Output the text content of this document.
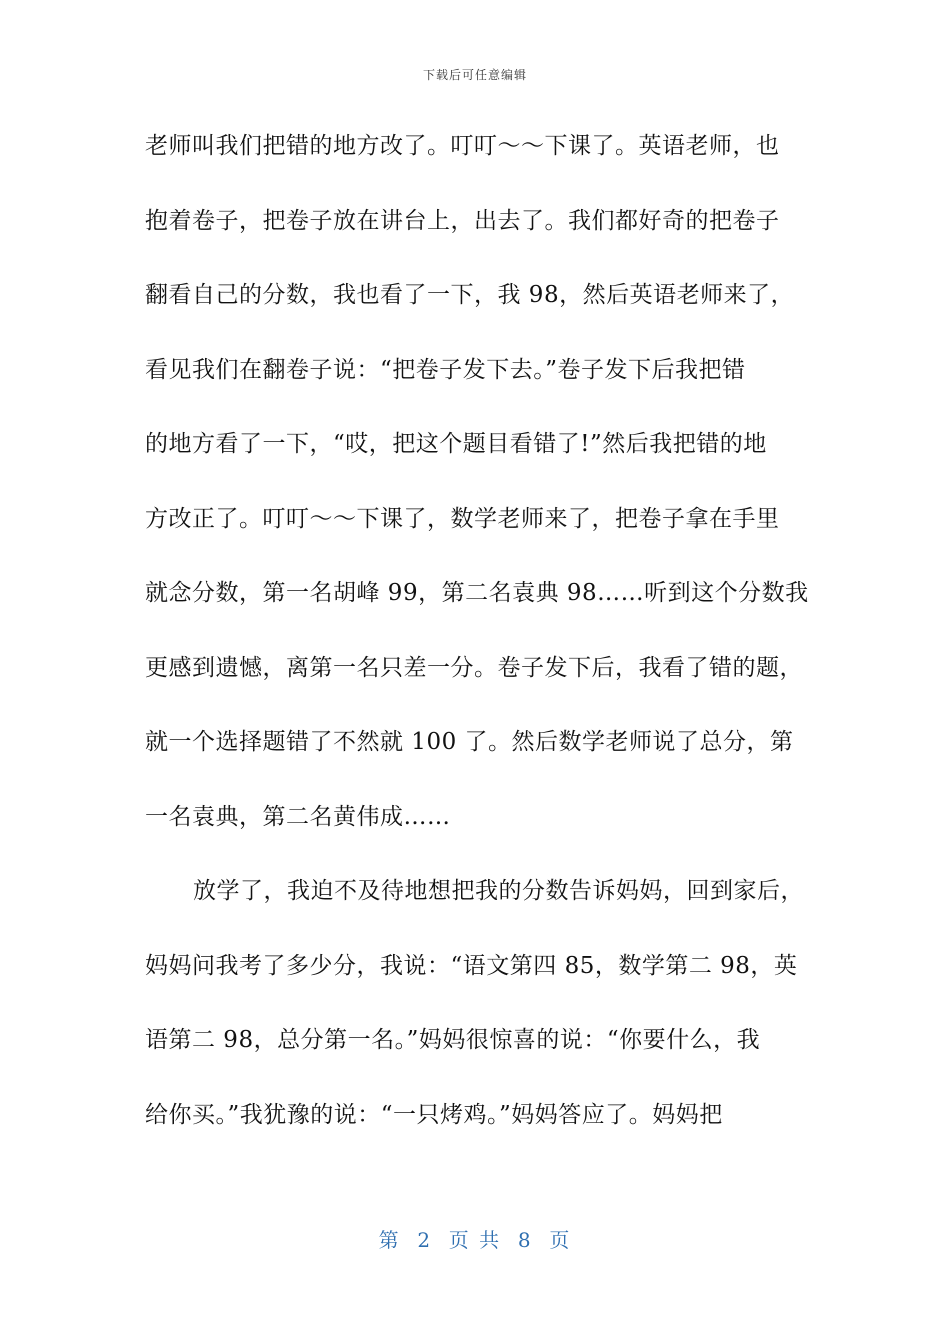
下载后可任意编辑
老师叫我们把错的地方改了。叮叮～～下课了。英语老师，也
抱着卷子，把卷子放在讲台上，出去了。我们都好奇的把卷子
翻看自己的分数，我也看了一下，我 98，然后英语老师来了，
看见我们在翻卷子说：“把卷子发下去。”卷子发下后我把错
的地方看了一下，“哎，把这个题目看错了!”然后我把错的地
方改正了。叮叮～～下课了，数学老师来了，把卷子拿在手里
就念分数，第一名胡峰 99，第二名袁典 98……听到这个分数我
更感到遗憾，离第一名只差一分。卷子发下后，我看了错的题，
就一个选择题错了不然就 100 了。然后数学老师说了总分，第
一名袁典，第二名黄伟成……
放学了，我迫不及待地想把我的分数告诉妈妈，回到家后，
妈妈问我考了多少分，我说：“语文第四 85，数学第二 98，英
语第二 98，总分第一名。”妈妈很惊喜的说：“你要什么，我
给你买。”我犹豫的说：“一只烤鸡。”妈妈答应了。妈妈把
第  2  页 共  8  页
